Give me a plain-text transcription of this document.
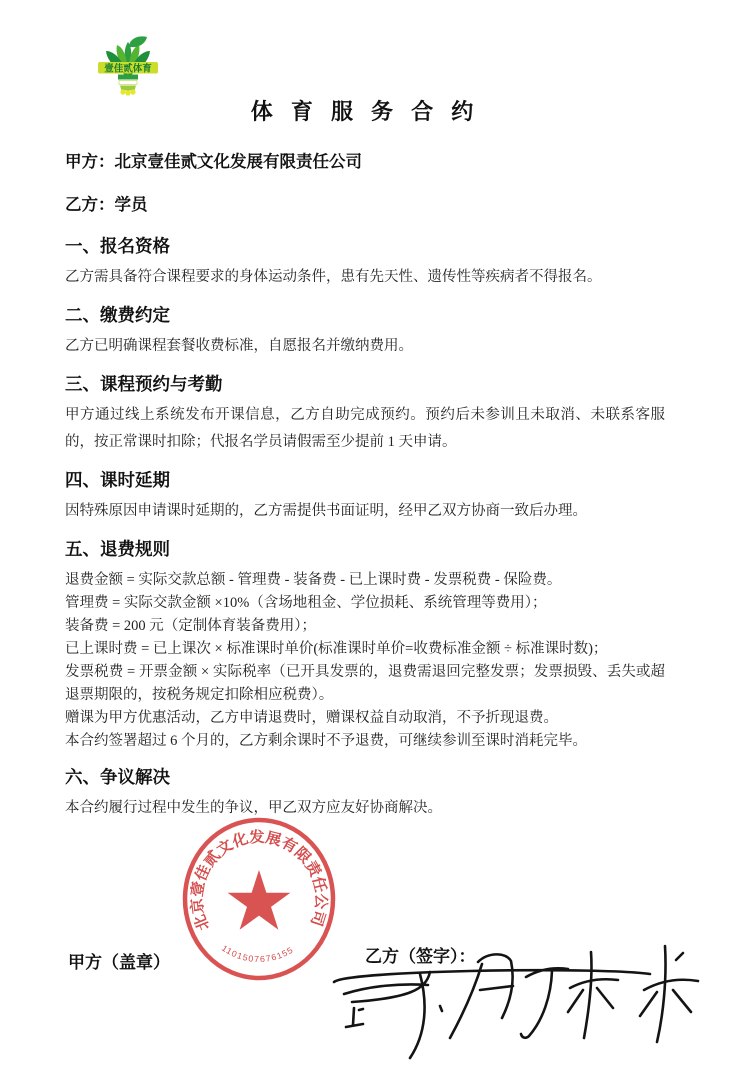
壹佳贰体育
体 育 服 务 合 约
甲方：北京壹佳贰文化发展有限责任公司
乙方：学员
一、报名资格

乙方需具备符合课程要求的身体运动条件，患有先天性、遗传性等疾病者不得报名。

二、缴费约定

乙方已明确课程套餐收费标准，自愿报名并缴纳费用。

三、课程预约与考勤

甲方通过线上系统发布开课信息，乙方自助完成预约。预约后未参训且未取消、未联系客服的，按正常课时扣除；代报名学员请假需至少提前 1 天申请。

四、课时延期

因特殊原因申请课时延期的，乙方需提供书面证明，经甲乙双方协商一致后办理。

五、退费规则
退费金额 = 实际交款总额 - 管理费 - 装备费 - 已上课时费 - 发票税费 - 保险费。
管理费 = 实际交款金额 ×10%（含场地租金、学位损耗、系统管理等费用）；
装备费 = 200 元（定制体育装备费用）；
已上课时费 = 已上课次 × 标准课时单价(标准课时单价=收费标准金额 ÷ 标准课时数)；
发票税费 = 开票金额 × 实际税率（已开具发票的，退费需退回完整发票；发票损毁、丢失或超退票期限的，按税务规定扣除相应税费）。
赠课为甲方优惠活动，乙方申请退费时，赠课权益自动取消，不予折现退费。
本合约签署超过 6 个月的，乙方剩余课时不予退费，可继续参训至课时消耗完毕。
六、争议解决

本合约履行过程中发生的争议，甲乙双方应友好协商解决。

北京壹佳贰文化发展有限责任公司
1101507676155
甲方（盖章）	乙方（签字）：
